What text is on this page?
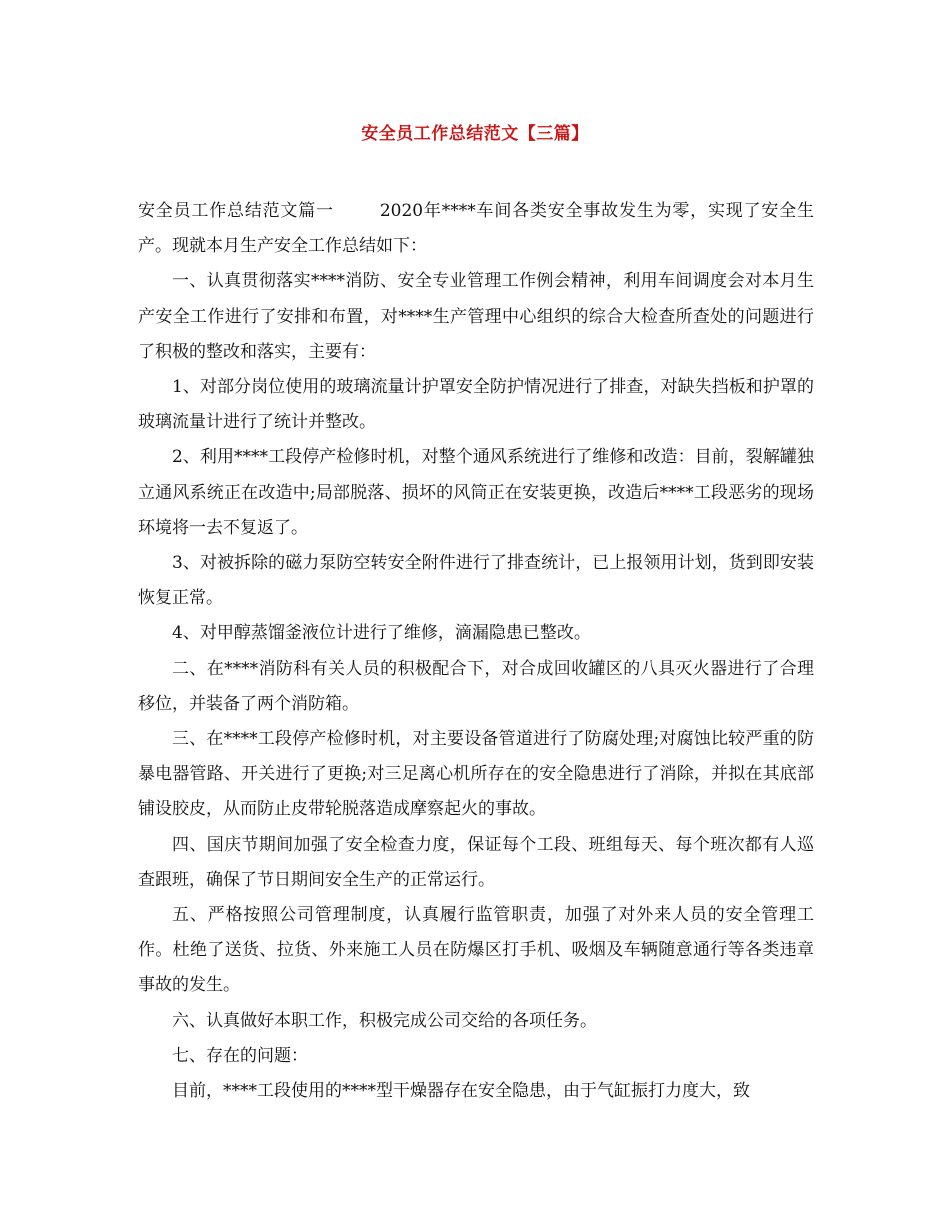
安全员工作总结范文【三篇】

安全员工作总结范文篇一	2020年****车间各类安全事故发生为零，实现了安全生产。现就本月生产安全工作总结如下：

一、认真贯彻落实****消防、安全专业管理工作例会精神，利用车间调度会对本月生产安全工作进行了安排和布置，对****生产管理中心组织的综合大检查所查处的问题进行了积极的整改和落实，主要有：

1、对部分岗位使用的玻璃流量计护罩安全防护情况进行了排查，对缺失挡板和护罩的玻璃流量计进行了统计并整改。

2、利用****工段停产检修时机，对整个通风系统进行了维修和改造：目前，裂解罐独立通风系统正在改造中;局部脱落、损坏的风筒正在安装更换，改造后****工段恶劣的现场环境将一去不复返了。

3、对被拆除的磁力泵防空转安全附件进行了排查统计，已上报领用计划，货到即安装恢复正常。

4、对甲醇蒸馏釜液位计进行了维修，滴漏隐患已整改。

二、在****消防科有关人员的积极配合下，对合成回收罐区的八具灭火器进行了合理移位，并装备了两个消防箱。

三、在****工段停产检修时机，对主要设备管道进行了防腐处理;对腐蚀比较严重的防暴电器管路、开关进行了更换;对三足离心机所存在的安全隐患进行了消除，并拟在其底部铺设胶皮，从而防止皮带轮脱落造成摩察起火的事故。

四、国庆节期间加强了安全检查力度，保证每个工段、班组每天、每个班次都有人巡查跟班，确保了节日期间安全生产的正常运行。

五、严格按照公司管理制度，认真履行监管职责，加强了对外来人员的安全管理工作。杜绝了送货、拉货、外来施工人员在防爆区打手机、吸烟及车辆随意通行等各类违章事故的发生。

六、认真做好本职工作，积极完成公司交给的各项任务。

七、存在的问题：

目前，****工段使用的****型干燥器存在安全隐患，由于气缸振打力度大，致
